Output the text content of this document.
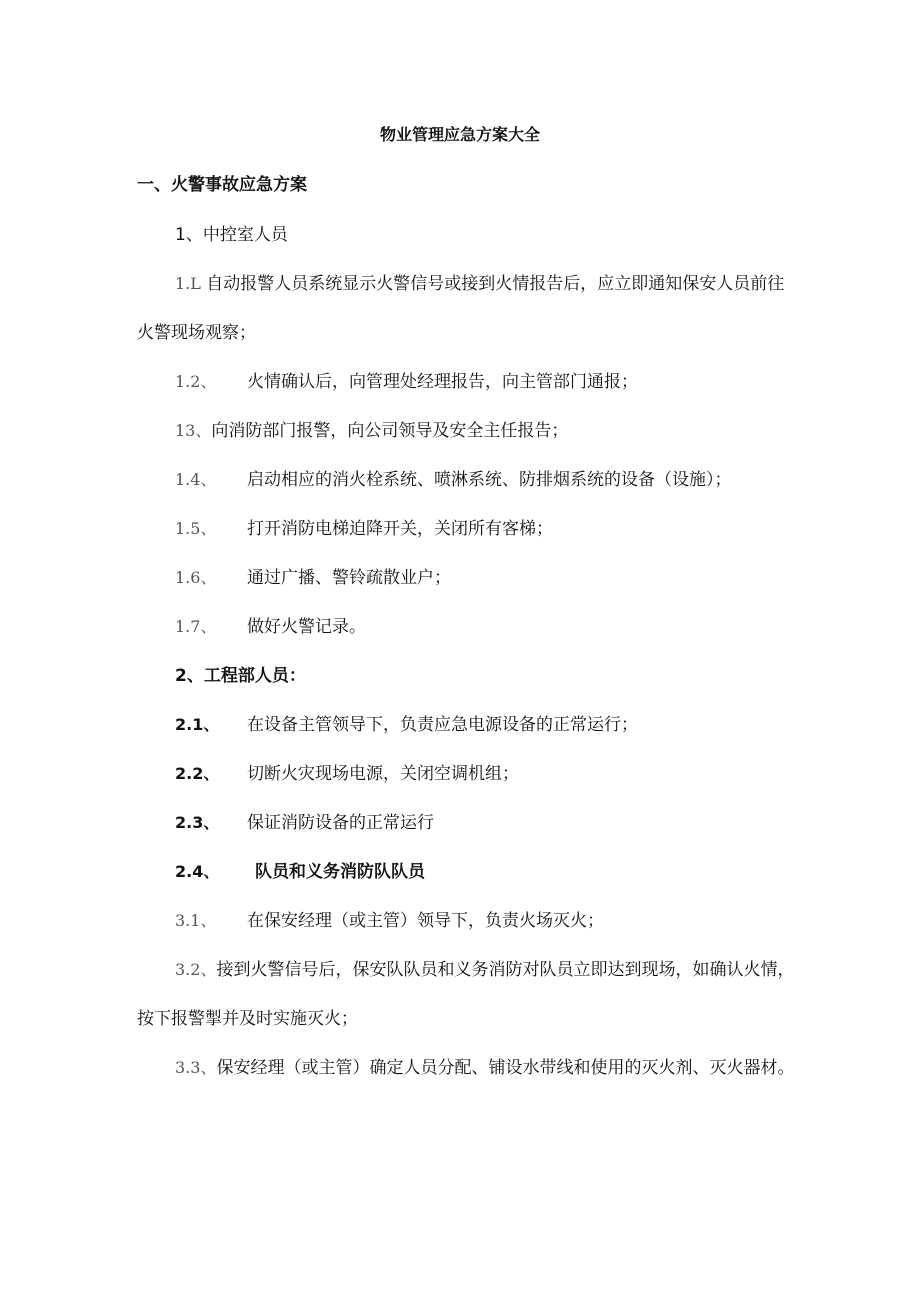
物业管理应急方案大全
一、火警事故应急方案
1、中控室人员
1.L 自动报警人员系统显示火警信号或接到火情报告后，应立即通知保安人员前往
火警现场观察；
1.2、 火情确认后，向管理处经理报告，向主管部门通报；
13、向消防部门报警，向公司领导及安全主任报告；
1.4、 启动相应的消火栓系统、喷淋系统、防排烟系统的设备（设施）；
1.5、 打开消防电梯迫降开关，关闭所有客梯；
1.6、 通过广播、警铃疏散业户；
1.7、 做好火警记录。
2、工程部人员：
2.1、 在设备主管领导下，负责应急电源设备的正常运行；
2.2、 切断火灾现场电源，关闭空调机组；
2.3、 保证消防设备的正常运行
2.4、 队员和义务消防队队员
3.1、 在保安经理（或主管）领导下，负责火场灭火；
3.2、接到火警信号后，保安队队员和义务消防对队员立即达到现场，如确认火情，
按下报警掣并及时实施灭火；
3.3、保安经理（或主管）确定人员分配、铺设水带线和使用的灭火剂、灭火器材。
